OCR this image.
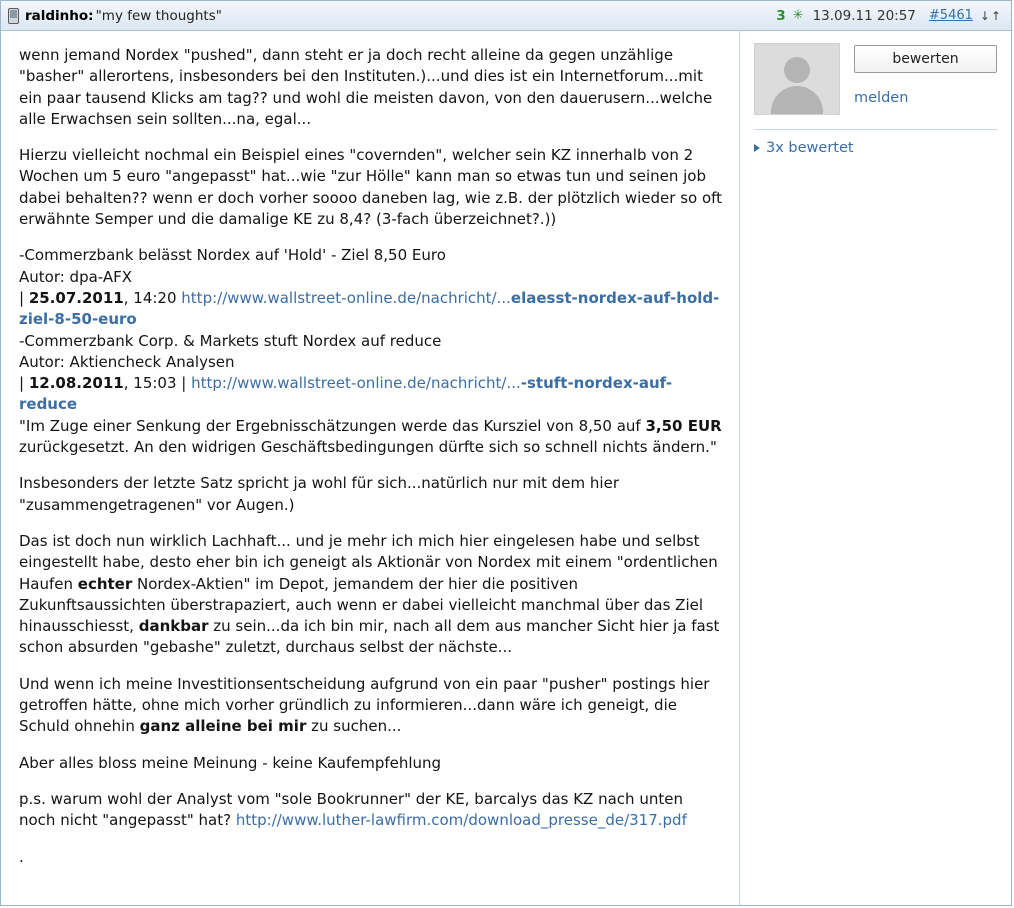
raldinho: "my few thoughts"	3 ✳ 13.09.11 20:57 #5461 ↓↑

wenn jemand Nordex "pushed", dann steht er ja doch recht alleine da gegen unzählige "basher" allerortens, insbesonders bei den Instituten.)...und dies ist ein Internetforum...mit ein paar tausend Klicks am tag?? und wohl die meisten davon, von den dauerusern...welche alle Erwachsen sein sollten...na, egal...

Hierzu vielleicht nochmal ein Beispiel eines "covernden", welcher sein KZ innerhalb von 2 Wochen um 5 euro "angepasst" hat...wie "zur Hölle" kann man so etwas tun und seinen job dabei behalten?? wenn er doch vorher soooo daneben lag, wie z.B. der plötzlich wieder so oft erwähnte Semper und die damalige KE zu 8,4? (3-fach überzeichnet?.))

-Commerzbank belässt Nordex auf 'Hold' - Ziel 8,50 Euro

Autor: dpa-AFX

| 25.07.2011, 14:20 http://www.wallstreet-online.de/nachricht/...elaesst-nordex-auf-hold-ziel-8-50-euro

-Commerzbank Corp. & Markets stuft Nordex auf reduce

Autor: Aktiencheck Analysen

| 12.08.2011, 15:03 | http://www.wallstreet-online.de/nachricht/...-stuft-nordex-auf-reduce

"Im Zuge einer Senkung der Ergebnisschätzungen werde das Kursziel von 8,50 auf 3,50 EUR zurückgesetzt. An den widrigen Geschäftsbedingungen dürfte sich so schnell nichts ändern."

Insbesonders der letzte Satz spricht ja wohl für sich...natürlich nur mit dem hier "zusammengetragenen" vor Augen.)

Das ist doch nun wirklich Lachhaft... und je mehr ich mich hier eingelesen habe und selbst eingestellt habe, desto eher bin ich geneigt als Aktionär von Nordex mit einem "ordentlichen Haufen echter Nordex-Aktien" im Depot, jemandem der hier die positiven Zukunftsaussichten überstrapaziert, auch wenn er dabei vielleicht manchmal über das Ziel hinausschiesst, dankbar zu sein...da ich bin mir, nach all dem aus mancher Sicht hier ja fast schon absurden "gebashe" zuletzt, durchaus selbst der nächste...

Und wenn ich meine Investitionsentscheidung aufgrund von ein paar "pusher" postings hier getroffen hätte, ohne mich vorher gründlich zu informieren...dann wäre ich geneigt, die Schuld ohnehin ganz alleine bei mir zu suchen...

Aber alles bloss meine Meinung - keine Kaufempfehlung

p.s. warum wohl der Analyst vom "sole Bookrunner" der KE, barcalys das KZ nach unten noch nicht "angepasst" hat? http://www.luther-lawfirm.com/download_presse_de/317.pdf

.

bewerten
melden
3x bewertet
